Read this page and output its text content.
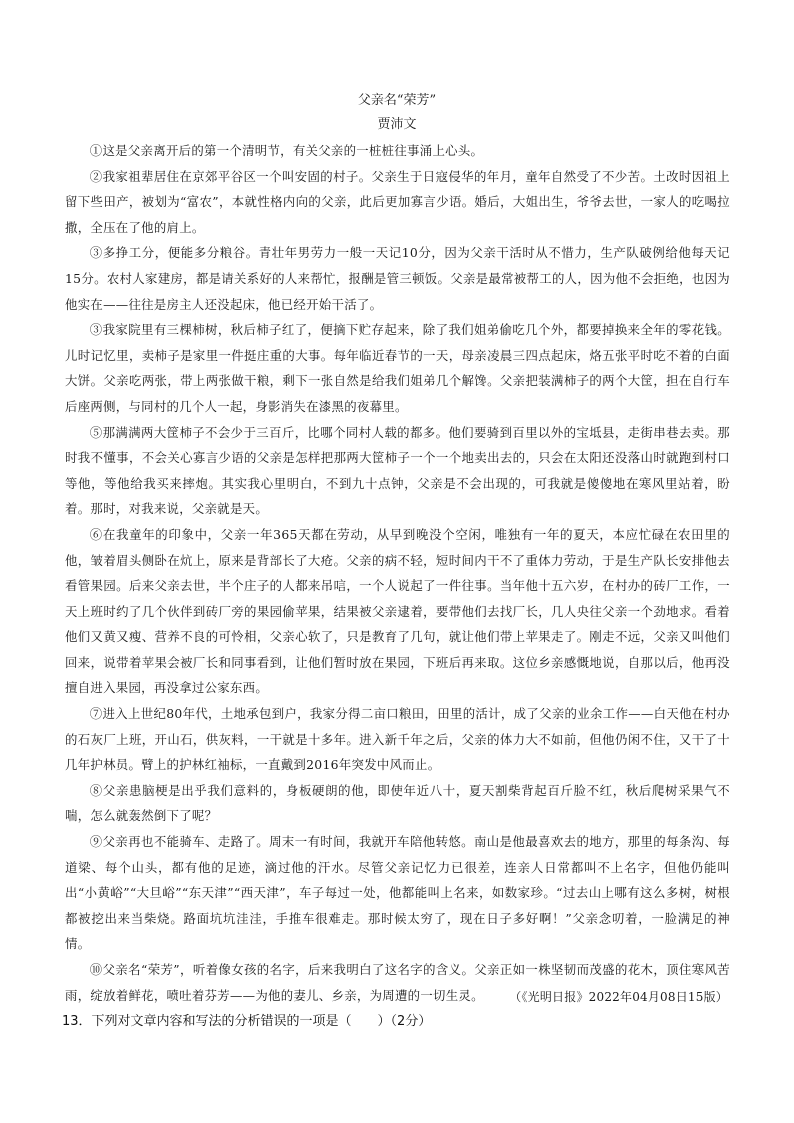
父亲名“荣芳”
贾沛文

①这是父亲离开后的第一个清明节，有关父亲的一桩桩往事涌上心头。

②我家祖辈居住在京郊平谷区一个叫安固的村子。父亲生于日寇侵华的年月，童年自然受了不少苦。土改时因祖上留下些田产，被划为“富农”，本就性格内向的父亲，此后更加寡言少语。婚后，大姐出生，爷爷去世，一家人的吃喝拉撒，全压在了他的肩上。

③多挣工分，便能多分粮谷。青壮年男劳力一般一天记10分，因为父亲干活时从不惜力，生产队破例给他每天记15分。农村人家建房，都是请关系好的人来帮忙，报酬是管三顿饭。父亲是最常被帮工的人，因为他不会拒绝，也因为他实在——往往是房主人还没起床，他已经开始干活了。

③我家院里有三棵柿树，秋后柿子红了，便摘下贮存起来，除了我们姐弟偷吃几个外，都要掉换来全年的零花钱。儿时记忆里，卖柿子是家里一件挺庄重的大事。每年临近春节的一天，母亲凌晨三四点起床，烙五张平时吃不着的白面大饼。父亲吃两张，带上两张做干粮，剩下一张自然是给我们姐弟几个解馋。父亲把装满柿子的两个大筐，担在自行车后座两侧，与同村的几个人一起，身影消失在漆黑的夜幕里。

⑤那满满两大筐柿子不会少于三百斤，比哪个同村人载的都多。他们要骑到百里以外的宝坻县，走街串巷去卖。那时我不懂事，不会关心寡言少语的父亲是怎样把那两大筐柿子一个一个地卖出去的，只会在太阳还没落山时就跑到村口等他，等他给我买来摔炮。其实我心里明白，不到九十点钟，父亲是不会出现的，可我就是傻傻地在寒风里站着，盼着。那时，对我来说，父亲就是天。

⑥在我童年的印象中，父亲一年365天都在劳动，从早到晚没个空闲，唯独有一年的夏天，本应忙碌在农田里的他，皱着眉头侧卧在炕上，原来是背部长了大疮。父亲的病不轻，短时间内干不了重体力劳动，于是生产队长安排他去看管果园。后来父亲去世，半个庄子的人都来吊唁，一个人说起了一件往事。当年他十五六岁，在村办的砖厂工作，一天上班时约了几个伙伴到砖厂旁的果园偷苹果，结果被父亲逮着，要带他们去找厂长，几人央往父亲一个劲地求。看着他们又黄又瘦、营养不良的可怜相，父亲心软了，只是教育了几句，就让他们带上苹果走了。刚走不远，父亲又叫他们回来，说带着苹果会被厂长和同事看到，让他们暂时放在果园，下班后再来取。这位乡亲感慨地说，自那以后，他再没擅自进入果园，再没拿过公家东西。

⑦进入上世纪80年代，土地承包到户，我家分得二亩口粮田，田里的活计，成了父亲的业余工作——白天他在村办的石灰厂上班，开山石，供灰料，一干就是十多年。进入新千年之后，父亲的体力大不如前，但他仍闲不住，又干了十几年护林员。臂上的护林红袖标，一直戴到2016年突发中风而止。

⑧父亲患脑梗是出乎我们意料的，身板硬朗的他，即使年近八十，夏天割柴背起百斤脸不红，秋后爬树采果气不喘，怎么就轰然倒下了呢？

⑨父亲再也不能骑车、走路了。周末一有时间，我就开车陪他转悠。南山是他最喜欢去的地方，那里的每条沟、每道梁、每个山头，都有他的足迹，滴过他的汗水。尽管父亲记忆力已很差，连亲人日常都叫不上名字，但他仍能叫出“小黄峪”“大旦峪”“东天津”“西天津”，车子每过一处，他都能叫上名来，如数家珍。“过去山上哪有这么多树，树根都被挖出来当柴烧。路面坑坑洼洼，手推车很难走。那时候太穷了，现在日子多好啊！”父亲念叨着，一脸满足的神情。

⑩父亲名“荣芳”，听着像女孩的名字，后来我明白了这名字的含义。父亲正如一株坚韧而茂盛的花木，顶住寒风苦雨，绽放着鲜花，喷吐着芬芳——为他的妻儿、乡亲，为周遭的一切生灵。	（《光明日报》2022年04月08日15版）
13．下列对文章内容和写法的分析错误的一项是（　　）（2分）
